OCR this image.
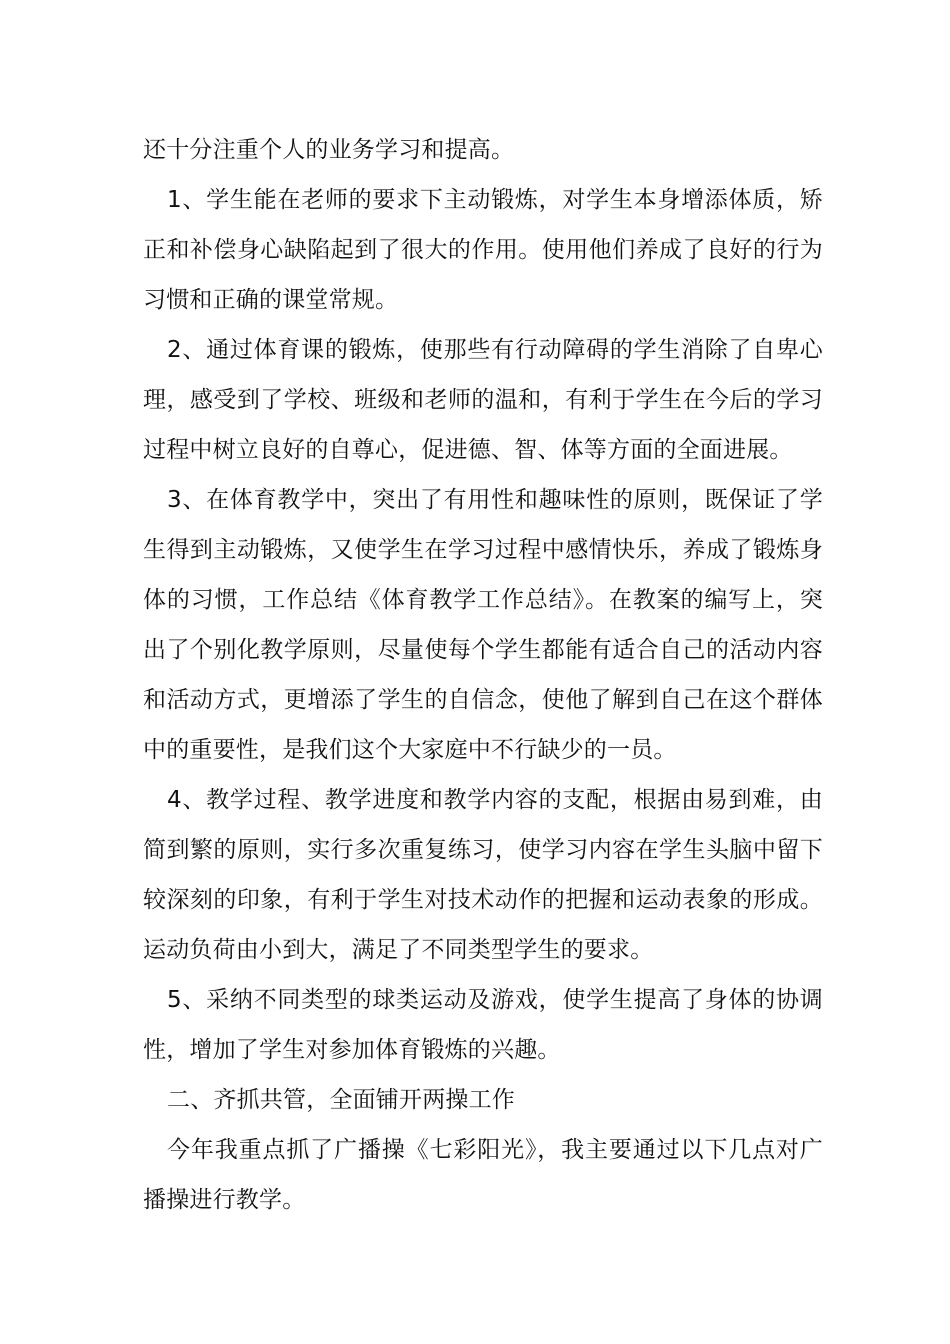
还十分注重个人的业务学习和提高。

1、学生能在老师的要求下主动锻炼，对学生本身增添体质，矫正和补偿身心缺陷起到了很大的作用。使用他们养成了良好的行为习惯和正确的课堂常规。

2、通过体育课的锻炼，使那些有行动障碍的学生消除了自卑心理，感受到了学校、班级和老师的温和，有利于学生在今后的学习过程中树立良好的自尊心，促进德、智、体等方面的全面进展。

3、在体育教学中，突出了有用性和趣味性的原则，既保证了学生得到主动锻炼，又使学生在学习过程中感情快乐，养成了锻炼身体的习惯，工作总结《体育教学工作总结》。在教案的编写上，突出了个别化教学原则，尽量使每个学生都能有适合自己的活动内容和活动方式，更增添了学生的自信念，使他了解到自己在这个群体中的重要性，是我们这个大家庭中不行缺少的一员。

4、教学过程、教学进度和教学内容的支配，根据由易到难，由简到繁的原则，实行多次重复练习，使学习内容在学生头脑中留下较深刻的印象，有利于学生对技术动作的把握和运动表象的形成。运动负荷由小到大，满足了不同类型学生的要求。

5、采纳不同类型的球类运动及游戏，使学生提高了身体的协调性，增加了学生对参加体育锻炼的兴趣。

二、齐抓共管，全面铺开两操工作

今年我重点抓了广播操《七彩阳光》，我主要通过以下几点对广播操进行教学。
